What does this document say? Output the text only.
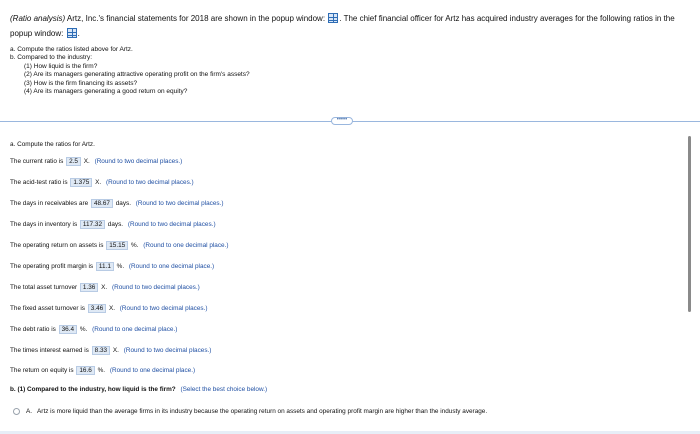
(Ratio analysis) Artz, Inc.'s financial statements for 2018 are shown in the popup window: . The chief financial officer for Artz has acquired industry averages for the following ratios in the
popup window: .
a. Compute the ratios listed above for Artz.
b. Compared to the industry:
(1) How liquid is the firm?
(2) Are its managers generating attractive operating profit on the firm's assets?
(3) How is the firm financing its assets?
(4) Are its managers generating a good return on equity?
•••••
a. Compute the ratios for Artz.
The current ratio is 2.5 X. (Round to two decimal places.)
The acid-test ratio is 1.375 X. (Round to two decimal places.)
The days in receivables are 48.67 days. (Round to two decimal places.)
The days in inventory is 117.32 days. (Round to two decimal places.)
The operating return on assets is 15.15 %. (Round to one decimal place.)
The operating profit margin is 11.1 %. (Round to one decimal place.)
The total asset turnover 1.36 X. (Round to two decimal places.)
The fixed asset turnover is 3.46 X. (Round to two decimal places.)
The debt ratio is 36.4 %. (Round to one decimal place.)
The times interest earned is 8.33 X. (Round to two decimal places.)
The return on equity is 16.6 %. (Round to one decimal place.)
b. (1) Compared to the industry, how liquid is the firm? (Select the best choice below.)
A. Artz is more liquid than the average firms in its industry because the operating return on assets and operating profit margin are higher than the industy average.
